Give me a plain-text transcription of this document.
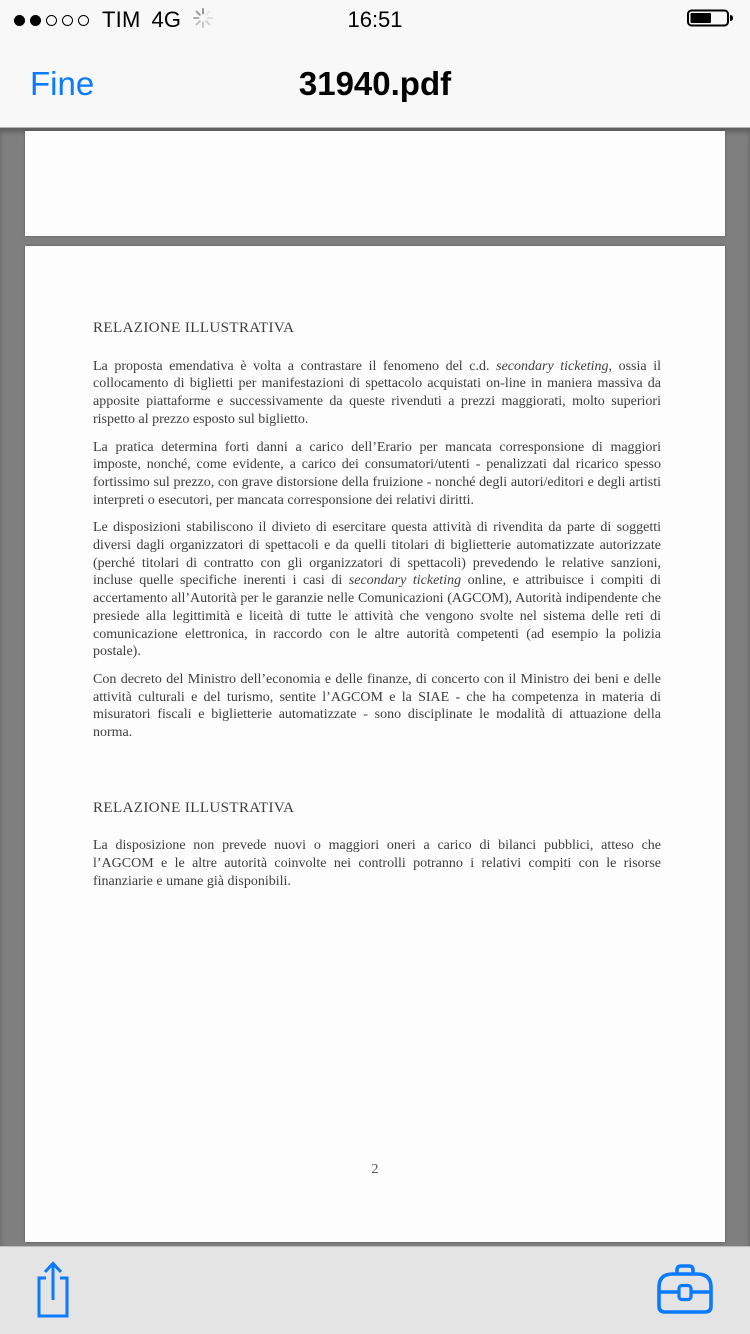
TIM 4G	16:51
Fine	31940.pdf
RELAZIONE ILLUSTRATIVA

La proposta emendativa è volta a contrastare il fenomeno del c.d. secondary ticketing, ossia il collocamento di biglietti per manifestazioni di spettacolo acquistati on-line in maniera massiva da apposite piattaforme e successivamente da queste rivenduti a prezzi maggiorati, molto superiori rispetto al prezzo esposto sul biglietto.

La pratica determina forti danni a carico dell’Erario per mancata corresponsione di maggiori imposte, nonché, come evidente, a carico dei consumatori/utenti - penalizzati dal ricarico spesso fortissimo sul prezzo, con grave distorsione della fruizione - nonché degli autori/editori e degli artisti interpreti o esecutori, per mancata corresponsione dei relativi diritti.

Le disposizioni stabiliscono il divieto di esercitare questa attività di rivendita da parte di soggetti diversi dagli organizzatori di spettacoli e da quelli titolari di biglietterie automatizzate autorizzate (perché titolari di contratto con gli organizzatori di spettacoli) prevedendo le relative sanzioni, incluse quelle specifiche inerenti i casi di secondary ticketing online, e attribuisce i compiti di accertamento all’Autorità per le garanzie nelle Comunicazioni (AGCOM), Autorità indipendente che presiede alla legittimità e liceità di tutte le attività che vengono svolte nel sistema delle reti di comunicazione elettronica, in raccordo con le altre autorità competenti (ad esempio la polizia postale).

Con decreto del Ministro dell’economia e delle finanze, di concerto con il Ministro dei beni e delle attività culturali e del turismo, sentite l’AGCOM e la SIAE - che ha competenza in materia di misuratori fiscali e biglietterie automatizzate - sono disciplinate le modalità di attuazione della norma.

RELAZIONE ILLUSTRATIVA

La disposizione non prevede nuovi o maggiori oneri a carico di bilanci pubblici, atteso che l’AGCOM e le altre autorità coinvolte nei controlli potranno i relativi compiti con le risorse finanziarie e umane già disponibili.

2
